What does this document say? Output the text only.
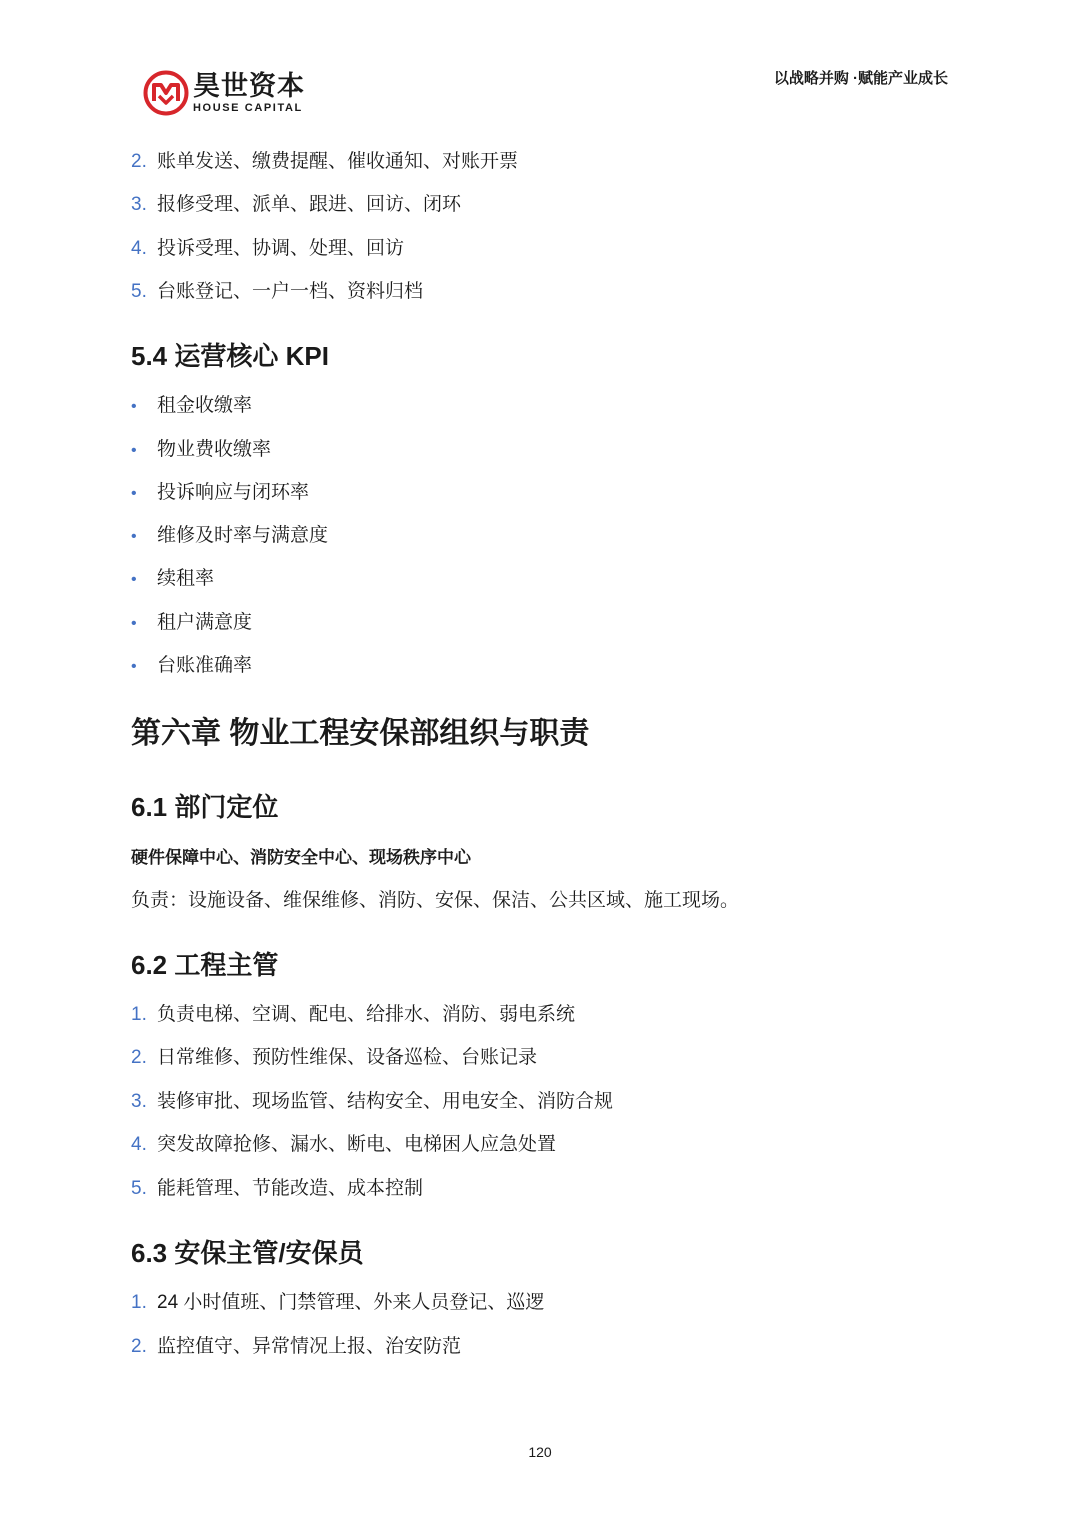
昊世资本
HOUSE CAPITAL
以战略并购 ·赋能产业成长
2. 账单发送、缴费提醒、催收通知、对账开票
3. 报修受理、派单、跟进、回访、闭环
4. 投诉受理、协调、处理、回访
5. 台账登记、一户一档、资料归档
5.4 运营核心 KPI
• 租金收缴率
• 物业费收缴率
• 投诉响应与闭环率
• 维修及时率与满意度
• 续租率
• 租户满意度
• 台账准确率
第六章 物业工程安保部组织与职责
6.1 部门定位
硬件保障中心、消防安全中心、现场秩序中心
负责：设施设备、维保维修、消防、安保、保洁、公共区域、施工现场。
6.2 工程主管
1. 负责电梯、空调、配电、给排水、消防、弱电系统
2. 日常维修、预防性维保、设备巡检、台账记录
3. 装修审批、现场监管、结构安全、用电安全、消防合规
4. 突发故障抢修、漏水、断电、电梯困人应急处置
5. 能耗管理、节能改造、成本控制
6.3 安保主管/安保员
1. 24 小时值班、门禁管理、外来人员登记、巡逻
2. 监控值守、异常情况上报、治安防范
120
